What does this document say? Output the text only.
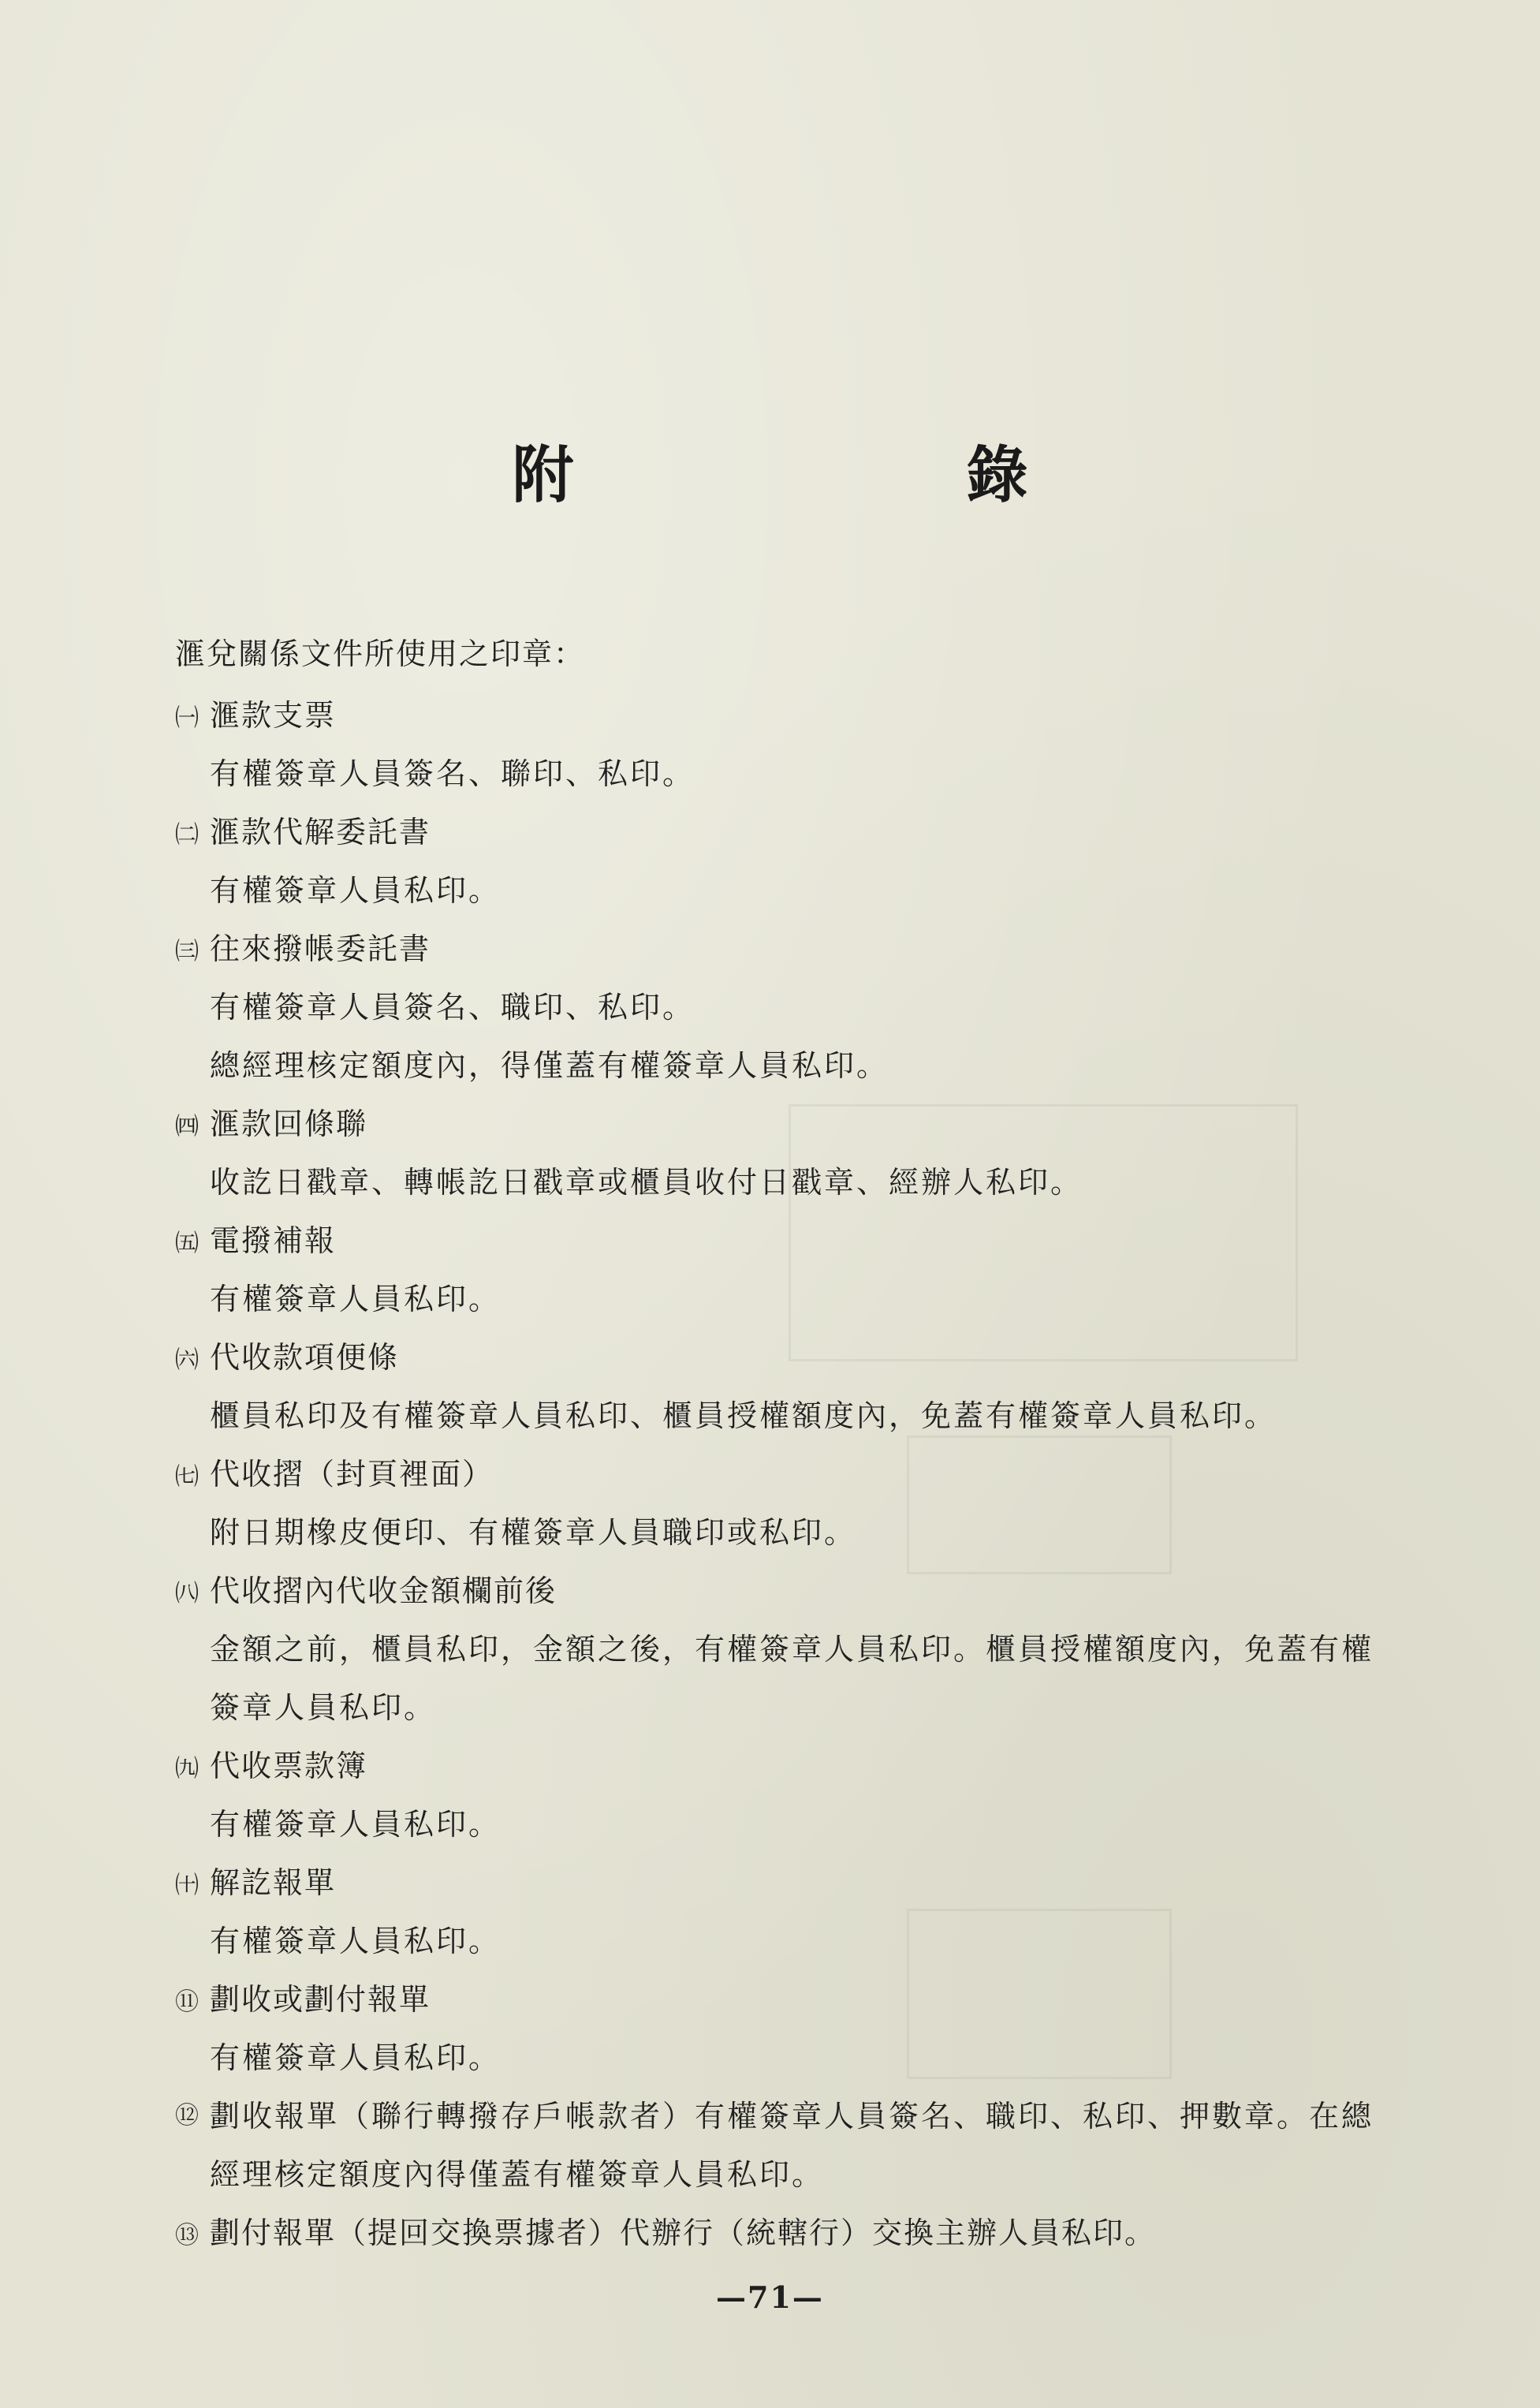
附　錄
滙兌關係文件所使用之印章：
㈠ 滙款支票
有權簽章人員簽名、聯印、私印。
㈡ 滙款代解委託書
有權簽章人員私印。
㈢ 往來撥帳委託書
有權簽章人員簽名、職印、私印。
總經理核定額度內，得僅蓋有權簽章人員私印。
㈣ 滙款回條聯
收訖日戳章、轉帳訖日戳章或櫃員收付日戳章、經辦人私印。
㈤ 電撥補報
有權簽章人員私印。
㈥ 代收款項便條
櫃員私印及有權簽章人員私印、櫃員授權額度內，免蓋有權簽章人員私印。
㈦ 代收摺（封頁裡面）
附日期橡皮便印、有權簽章人員職印或私印。
㈧ 代收摺內代收金額欄前後
金額之前，櫃員私印，金額之後，有權簽章人員私印。櫃員授權額度內，免蓋有權簽章人員私印。
㈨ 代收票款簿
有權簽章人員私印。
㈩ 解訖報單
有權簽章人員私印。
⑪ 劃收或劃付報單
有權簽章人員私印。
⑫ 劃收報單（聯行轉撥存戶帳款者）有權簽章人員簽名、職印、私印、押數章。在總經理核定額度內得僅蓋有權簽章人員私印。
⑬ 劃付報單（提回交換票據者）代辦行（統轄行）交換主辦人員私印。
—71—
